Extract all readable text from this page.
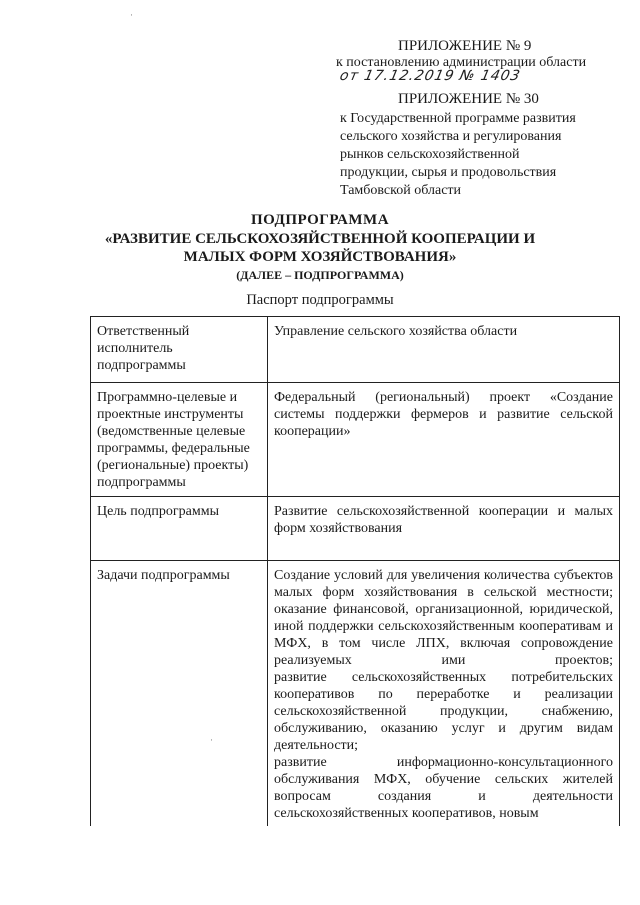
ПРИЛОЖЕНИЕ № 9
к постановлению администрации области
от 17.12.2019 № 1403
ПРИЛОЖЕНИЕ № 30
к Государственной программе развития
сельского хозяйства и регулирования
рынков сельскохозяйственной
продукции, сырья и продовольствия
Тамбовской области
ПОДПРОГРАММА
«РАЗВИТИЕ СЕЛЬСКОХОЗЯЙСТВЕННОЙ КООПЕРАЦИИ И
МАЛЫХ ФОРМ ХОЗЯЙСТВОВАНИЯ»
(ДАЛЕЕ – ПОДПРОГРАММА)
Паспорт подпрограммы
Ответственный исполнитель подпрограммы	Управление сельского хозяйства области
Программно-целевые и проектные инструменты (ведомственные целевые программы, федеральные (региональные) проекты) подпрограммы	Федеральный (региональный) проект «Создание системы поддержки фермеров и развитие сельской кооперации»
Цель подпрограммы	Развитие сельскохозяйственной кооперации и малых форм хозяйствования
Задачи подпрограммы	Создание условий для увеличения количества субъектов малых форм хозяйствования в сельской местности;
оказание финансовой, организационной, юридической, иной поддержки сельскохозяйственным кооперативам и МФХ, в том числе ЛПХ, включая сопровождение реализуемых ими проектов;
развитие сельскохозяйственных потребительских кооперативов по переработке и реализации сельскохозяйственной продукции, снабжению, обслуживанию, оказанию услуг и другим видам деятельности;
развитие информационно-консультационного обслуживания МФХ, обучение сельских жителей вопросам создания и деятельности сельскохозяйственных кооперативов, новым
·
·
